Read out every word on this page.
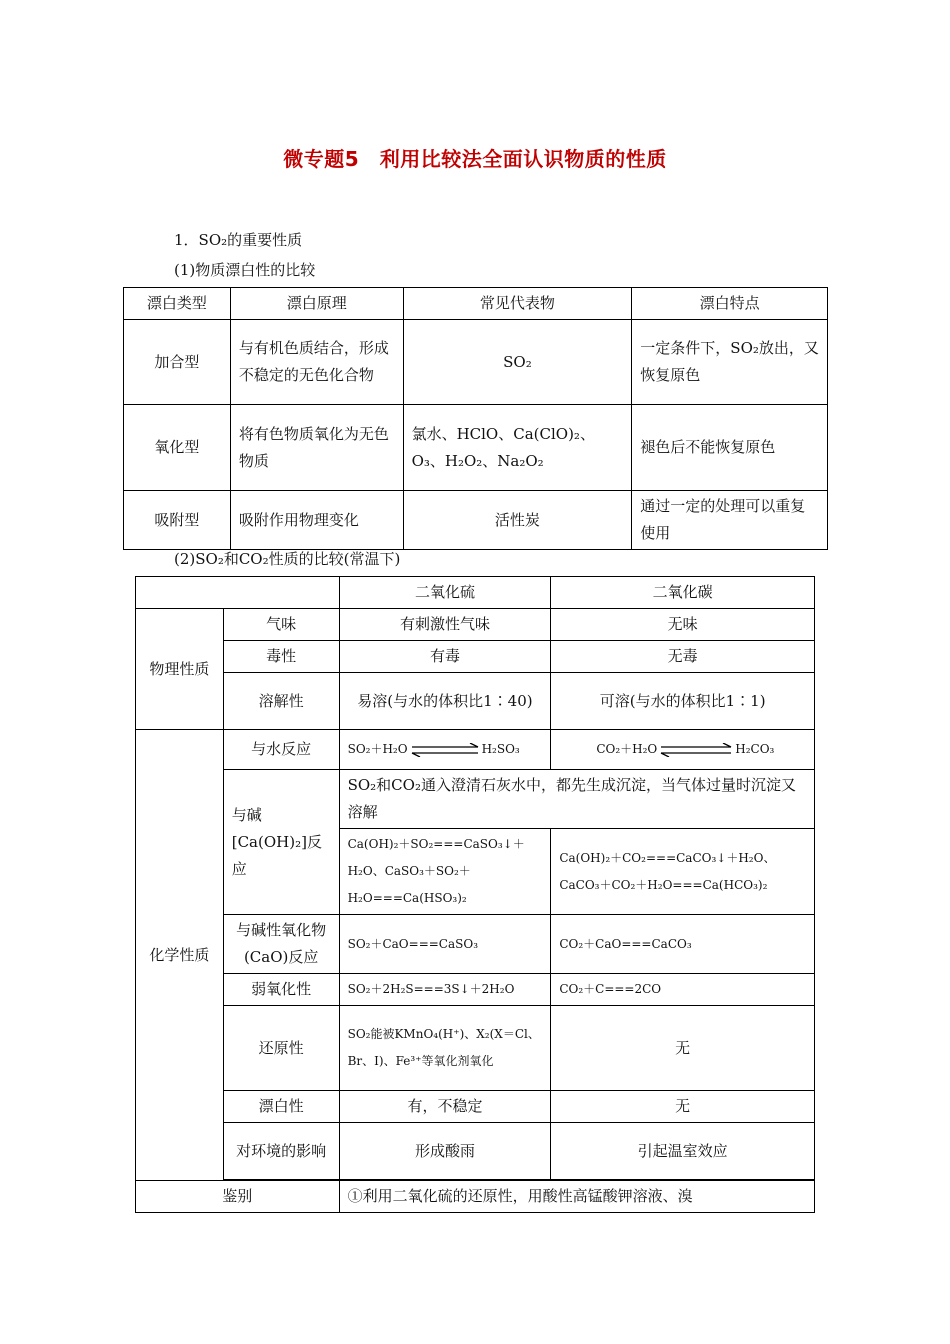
微专题5　利用比较法全面认识物质的性质
1．SO₂的重要性质
(1)物质漂白性的比较
漂白类型	漂白原理	常见代表物	漂白特点
加合型	与有机色质结合，形成不稳定的无色化合物	SO₂	一定条件下，SO₂放出，又恢复原色
氧化型	将有色物质氧化为无色物质	氯水、HClO、Ca(ClO)₂、O₃、H₂O₂、Na₂O₂	褪色后不能恢复原色
吸附型	吸附作用物理变化	活性炭	通过一定的处理可以重复使用
(2)SO₂和CO₂性质的比较(常温下)
		二氧化硫	二氧化碳
物理性质	气味	有刺激性气味	无味
	毒性	有毒	无毒
	溶解性	易溶(与水的体积比1∶40)	可溶(与水的体积比1∶1)
化学性质	与水反应	SO₂＋H₂O H₂SO₃	CO₂＋H₂O H₂CO₃

	与碱[Ca(OH)₂]反应	SO₂和CO₂通入澄清石灰水中，都先生成沉淀，当气体过量时沉淀又溶解	
		Ca(OH)₂＋SO₂===CaSO₃↓＋H₂O、CaSO₃＋SO₂＋H₂O===Ca(HSO₃)₂	Ca(OH)₂＋CO₂===CaCO₃↓＋H₂O、CaCO₃＋CO₂＋H₂O===Ca(HCO₃)₂
	与碱性氧化物(CaO)反应	SO₂＋CaO===CaSO₃	CO₂＋CaO===CaCO₃
	弱氧化性	SO₂＋2H₂S===3S↓＋2H₂O	CO₂＋C===2CO
	还原性	SO₂能被KMnO₄(H⁺)、X₂(X＝Cl、Br、I)、Fe³⁺等氧化剂氧化	无
	漂白性	有，不稳定	无
	对环境的影响	形成酸雨	引起温室效应

鉴别		①利用二氧化硫的还原性，用酸性高锰酸钾溶液、溴	
